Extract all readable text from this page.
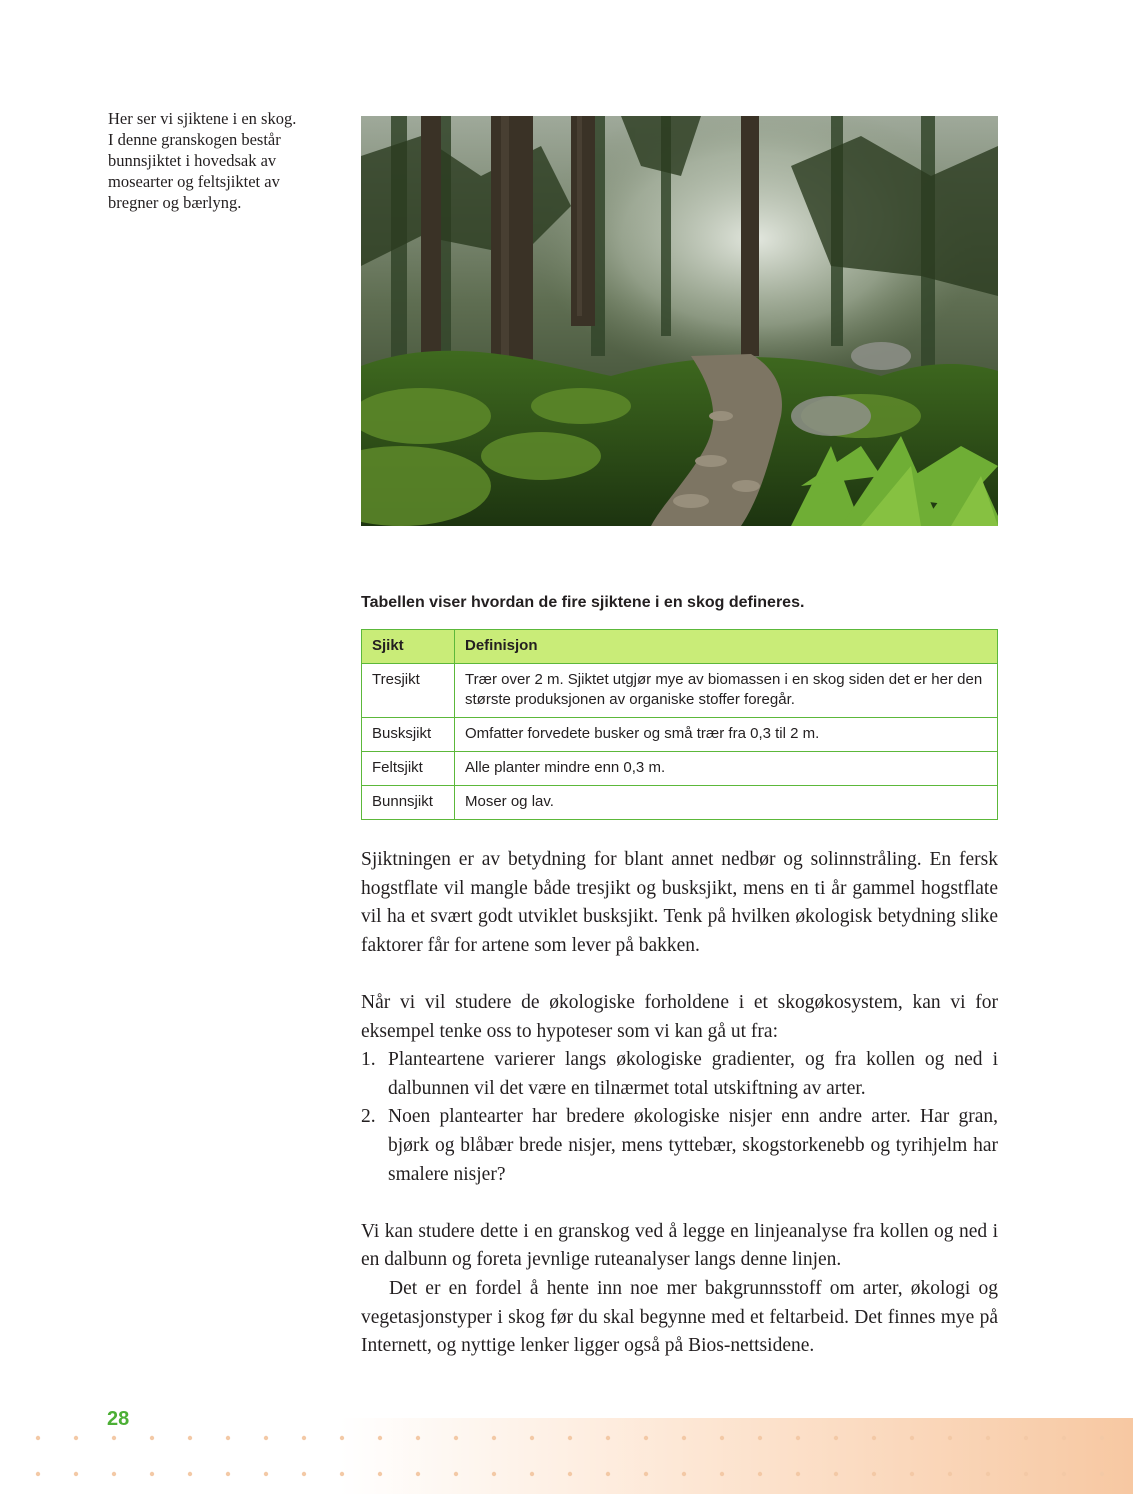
Her ser vi sjiktene i en skog.
I denne granskogen består
bunnsjiktet i hovedsak av
mosearter og feltsjiktet av
bregner og bærlyng.
Tabellen viser hvordan de fire sjiktene i en skog defineres.
Sjikt	Definisjon
Tresjikt	Trær over 2 m. Sjiktet utgjør mye av biomassen i en skog siden det er her den største produksjonen av organiske stoffer foregår.
Busksjikt	Omfatter forvedete busker og små trær fra 0,3 til 2 m.
Feltsjikt	Alle planter mindre enn 0,3 m.
Bunnsjikt	Moser og lav.

Sjiktningen er av betydning for blant annet nedbør og solinnstråling. En fersk hogstflate vil mangle både tresjikt og busksjikt, mens en ti år gammel hogstflate vil ha et svært godt utviklet busksjikt. Tenk på hvilken økologisk betydning slike faktorer får for artene som lever på bakken.

Når vi vil studere de økologiske forholdene i et skogøkosystem, kan vi for eksempel tenke oss to hypoteser som vi kan gå ut fra:

1. Planteartene varierer langs økologiske gradienter, og fra kollen og ned i dalbunnen vil det være en tilnærmet total utskiftning av arter.
2. Noen plantearter har bredere økologiske nisjer enn andre arter. Har gran, bjørk og blåbær brede nisjer, mens tyttebær, skogstorkenebb og tyrihjelm har smalere nisjer?

Vi kan studere dette i en granskog ved å legge en linjeanalyse fra kollen og ned i en dalbunn og foreta jevnlige ruteanalyser langs denne linjen.

Det er en fordel å hente inn noe mer bakgrunnsstoff om arter, økologi og vegetasjonstyper i skog før du skal begynne med et feltarbeid. Det finnes mye på Internett, og nyttige lenker ligger også på Bios-nettsidene.

28
